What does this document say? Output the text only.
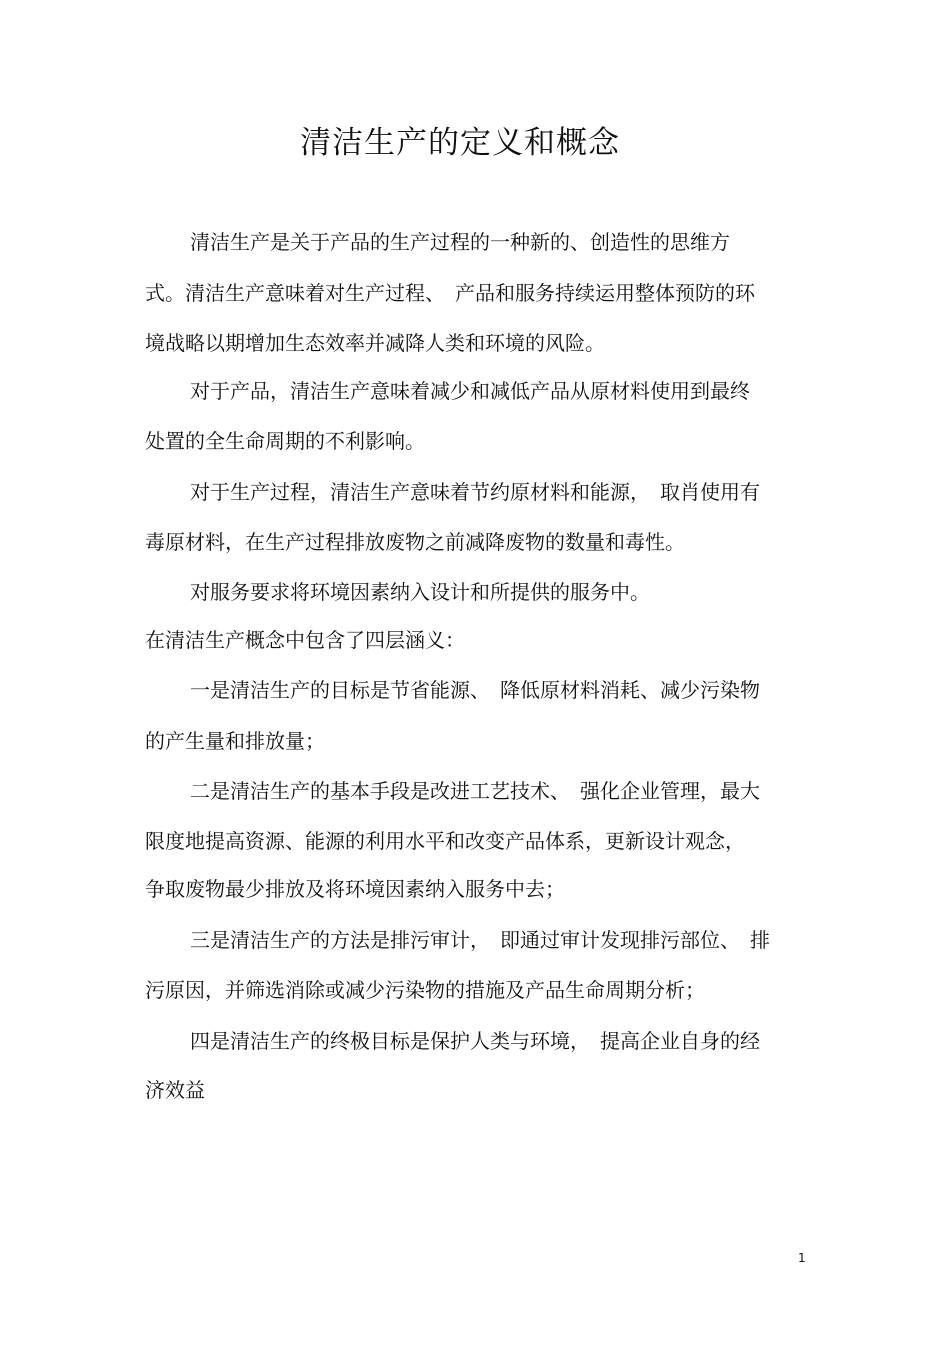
清洁生产的定义和概念
清洁生产是关于产品的生产过程的一种新的、创造性的思维方
式。清洁生产意味着对生产过程、　产品和服务持续运用整体预防的环
境战略以期增加生态效率并减降人类和环境的风险。
对于产品，清洁生产意味着减少和减低产品从原材料使用到最终
处置的全生命周期的不利影响。
对于生产过程，清洁生产意味着节约原材料和能源，　取肖使用有
毒原材料，在生产过程排放废物之前减降废物的数量和毒性。
对服务要求将环境因素纳入设计和所提供的服务中。
在清洁生产概念中包含了四层涵义：
一是清洁生产的目标是节省能源、　降低原材料消耗、减少污染物
的产生量和排放量；
二是清洁生产的基本手段是改进工艺技术、　强化企业管理，最大
限度地提高资源、能源的利用水平和改变产品体系，更新设计观念，
争取废物最少排放及将环境因素纳入服务中去；
三是清洁生产的方法是排污审计，　即通过审计发现排污部位、　排
污原因，并筛选消除或减少污染物的措施及产品生命周期分析；
四是清洁生产的终极目标是保护人类与环境，　提高企业自身的经
济效益
1
